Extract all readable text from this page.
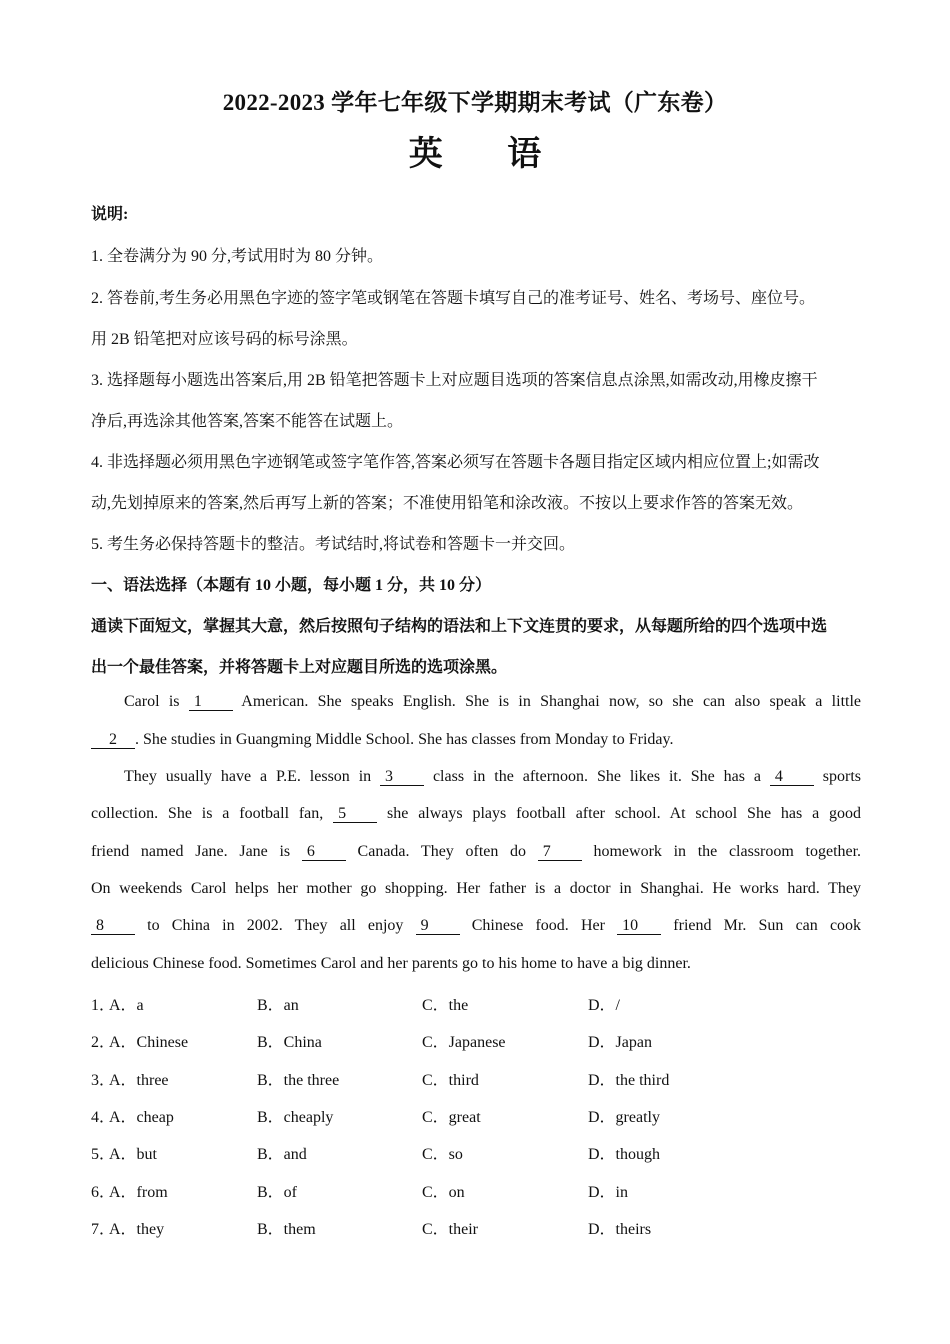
2022-2023 学年七年级下学期期末考试（广东卷）
英 语
说明:
1. 全卷满分为 90 分,考试用时为 80 分钟。
2. 答卷前,考生务必用黑色字迹的签字笔或钢笔在答题卡填写自己的准考证号、姓名、考场号、座位号。
用 2B 铅笔把对应该号码的标号涂黑。
3. 选择题每小题选出答案后,用 2B 铅笔把答题卡上对应题目选项的答案信息点涂黑,如需改动,用橡皮擦干
净后,再选涂其他答案,答案不能答在试题上。
4. 非选择题必须用黑色字迹钢笔或签字笔作答,答案必须写在答题卡各题目指定区域内相应位置上;如需改
动,先划掉原来的答案,然后再写上新的答案；不准使用铅笔和涂改液。不按以上要求作答的答案无效。
5. 考生务必保持答题卡的整洁。考试结时,将试卷和答题卡一并交回。
一、语法选择（本题有 10 小题，每小题 1 分，共 10 分）
通读下面短文，掌握其大意，然后按照句子结构的语法和上下文连贯的要求，从每题所给的四个选项中选
出一个最佳答案，并将答题卡上对应题目所选的选项涂黑。
Carol is 1 American. She speaks English. She is in Shanghai now, so she can also speak a little
2 . She studies in Guangming Middle School. She has classes from Monday to Friday.
They usually have a P.E. lesson in 3 class in the afternoon. She likes it. She has a 4 sports
collection. She is a football fan, 5	she always plays football after school. At school She has a good
friend named Jane. Jane is 6	Canada. They often do 7	homework in the classroom together.
On weekends Carol helps her mother go shopping. Her father is a doctor in Shanghai. He works hard. They
8	to China in 2002. They all enjoy 9	Chinese food. Her 10 friend Mr. Sun can cook
delicious Chinese food. Sometimes Carol and her parents go to his home to have a big dinner.
1．
A．a	B．an	C．the	D．/
2．
A．Chinese	B．China	C．Japanese	D．Japan
3．
A．three	B．the three	C．third	D．the third
4．
A．cheap	B．cheaply	C．great	D．greatly
5．
A．but	B．and	C．so	D．though
6．
A．from	B．of	C．on	D．in
7．
A．they	B．them	C．their	D．theirs
